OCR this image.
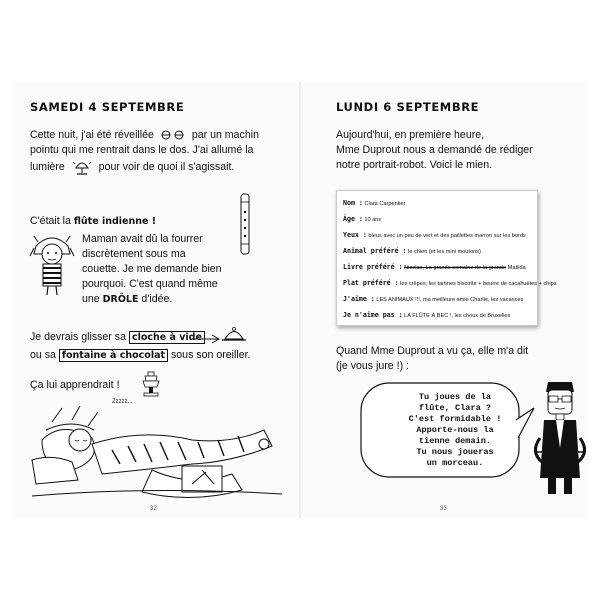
SAMEDI 4 SEPTEMBRE
Cette nuit, j'ai été réveillée	par un machin
pointu qui me rentrait dans le dos. J'ai allumé la
lumière	pour voir de quoi il s'agissait.
C'était la flûte indienne !
Maman avait dû la fourrer
discrètement sous ma
couette. Je me demande bien
pourquoi. C'est quand même
une DRÔLE d'idée.
Je devrais glisser sa cloche à vide
ou sa fontaine à chocolat sous son oreiller.
Ça lui apprendrait !
Zzzzz...
32
LUNDI 6 SEPTEMBRE
Aujourd'hui, en première heure,
Mme Duprout nous a demandé de rédiger
notre portrait-robot. Voici le mien.
Nom : Clara Carpentier
Âge : 10 ans
Yeux : bleus avec un peu de vert et des paillettes marron sur les bords
Animal préféré : le chien (et les mini moutons)
Livre préféré : Nicolas, La grande semaine de la grande Matilda
Plat préféré : les crêpes, les tartines biscotte + beurre de cacahuètes + chips
J'aime : LES ANIMAUX !!!, ma meilleure amie Charlie, les vacances
Je n'aime pas : LA FLÛTE À BEC !, les choux de Bruxelles
Quand Mme Duprout a vu ça, elle m'a dit
(je vous jure !) :
Tu joues de la
flûte, Clara ?
C'est formidable !
Apporte-nous la
tienne demain.
Tu nous joueras
un morceau.
33
